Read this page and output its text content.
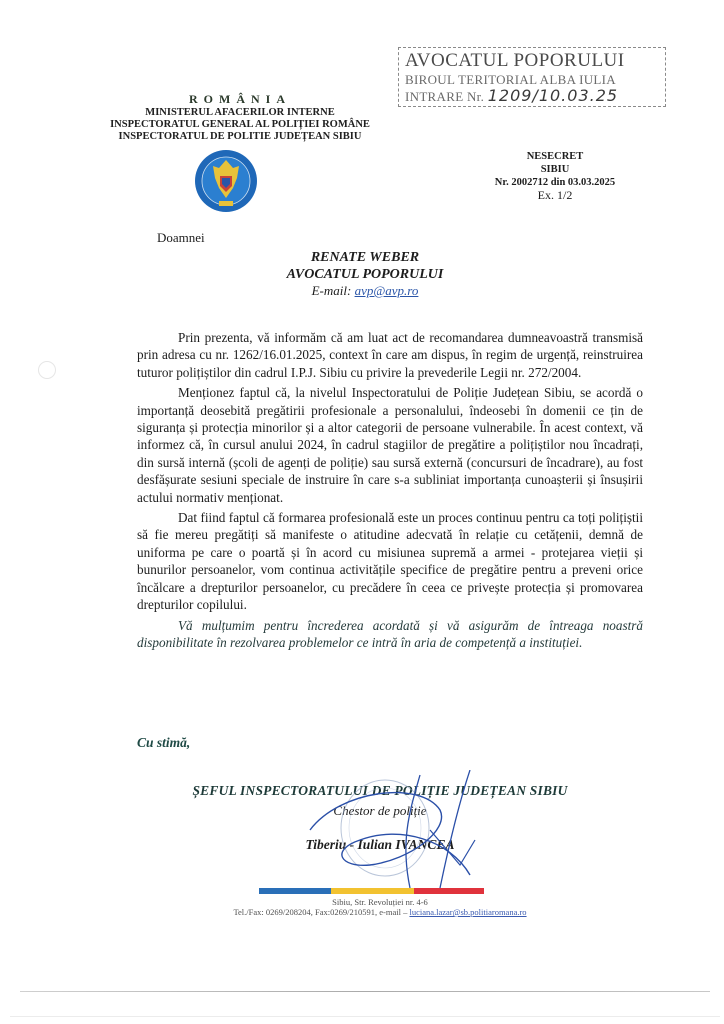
AVOCATUL POPORULUI
BIROUL TERITORIAL ALBA IULIA
INTRARE Nr. 1209/10.03.25
ROMÂNIA
MINISTERUL AFACERILOR INTERNE
INSPECTORATUL GENERAL AL POLIȚIEI ROMÂNE
INSPECTORATUL DE POLITIE JUDEȚEAN SIBIU
NESECRET
SIBIU
Nr. 2002712 din 03.03.2025
Ex. 1/2
Doamnei
RENATE WEBER
AVOCATUL POPORULUI
E-mail: avp@avp.ro

Prin prezenta, vă informăm că am luat act de recomandarea dumneavoastră transmisă prin adresa cu nr. 1262/16.01.2025, context în care am dispus, în regim de urgență, reinstruirea tuturor polițiștilor din cadrul I.P.J. Sibiu cu privire la prevederile Legii nr. 272/2004.

Menționez faptul că, la nivelul Inspectoratului de Poliție Județean Sibiu, se acordă o importanță deosebită pregătirii profesionale a personalului, îndeosebi în domenii ce țin de siguranța și protecția minorilor și a altor categorii de persoane vulnerabile. În acest context, vă informez că, în cursul anului 2024, în cadrul stagiilor de pregătire a polițiștilor nou încadrați, din sursă internă (școli de agenți de poliție) sau sursă externă (concursuri de încadrare), au fost desfășurate sesiuni speciale de instruire în care s-a subliniat importanța cunoașterii și însușirii actului normativ menționat.

Dat fiind faptul că formarea profesională este un proces continuu pentru ca toți polițiștii să fie mereu pregătiți să manifeste o atitudine adecvată în relație cu cetățenii, demnă de uniforma pe care o poartă și în acord cu misiunea supremă a armei - protejarea vieții și bunurilor persoanelor, vom continua activitățile specifice de pregătire pentru a preveni orice încălcare a drepturilor persoanelor, cu precădere în ceea ce privește protecția și promovarea drepturilor copilului.

Vă mulțumim pentru încrederea acordată și vă asigurăm de întreaga noastră disponibilitate în rezolvarea problemelor ce intră în aria de competență a instituției.

Cu stimă,
ȘEFUL INSPECTORATULUI DE POLIȚIE JUDEȚEAN SIBIU
Chestor de poliție
Tiberiu - Iulian IVANCEA
Sibiu, Str. Revoluției nr. 4-6
Tel./Fax: 0269/208204, Fax:0269/210591, e-mail – luciana.lazar@sb.politiaromana.ro
